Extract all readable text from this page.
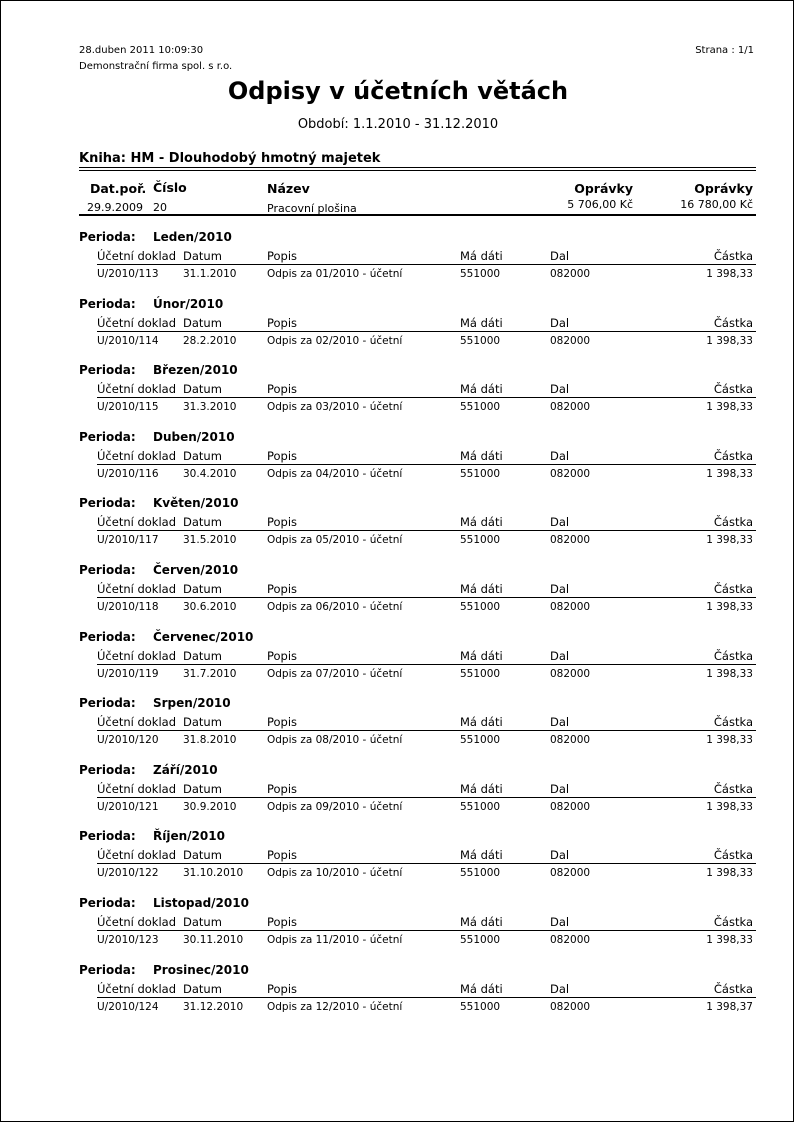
28.duben 2011 10:09:30
Demonstrační firma spol. s r.o.
Strana : 1/1
Odpisy v účetních větách
Období: 1.1.2010 - 31.12.2010
Kniha: HM - Dlouhodobý hmotný majetek
Dat.poř. Číslo	Název	Oprávky	Oprávky
29.9.2009 20	Pracovní plošina	5 706,00 Kč	16 780,00 Kč
Perioda: Leden/2010
Účetní doklad Datum	Popis	Má dáti	Dal	Částka
U/2010/113 31.1.2010	Odpis za 01/2010 - účetní	551000	082000	1 398,33
Perioda: Únor/2010
Účetní doklad Datum	Popis	Má dáti	Dal	Částka
U/2010/114 28.2.2010	Odpis za 02/2010 - účetní	551000	082000	1 398,33
Perioda: Březen/2010
Účetní doklad Datum	Popis	Má dáti	Dal	Částka
U/2010/115 31.3.2010	Odpis za 03/2010 - účetní	551000	082000	1 398,33
Perioda: Duben/2010
Účetní doklad Datum	Popis	Má dáti	Dal	Částka
U/2010/116 30.4.2010	Odpis za 04/2010 - účetní	551000	082000	1 398,33
Perioda: Květen/2010
Účetní doklad Datum	Popis	Má dáti	Dal	Částka
U/2010/117 31.5.2010	Odpis za 05/2010 - účetní	551000	082000	1 398,33
Perioda: Červen/2010
Účetní doklad Datum	Popis	Má dáti	Dal	Částka
U/2010/118 30.6.2010	Odpis za 06/2010 - účetní	551000	082000	1 398,33
Perioda: Červenec/2010
Účetní doklad Datum	Popis	Má dáti	Dal	Částka
U/2010/119 31.7.2010	Odpis za 07/2010 - účetní	551000	082000	1 398,33
Perioda: Srpen/2010
Účetní doklad Datum	Popis	Má dáti	Dal	Částka
U/2010/120 31.8.2010	Odpis za 08/2010 - účetní	551000	082000	1 398,33
Perioda: Září/2010
Účetní doklad Datum	Popis	Má dáti	Dal	Částka
U/2010/121 30.9.2010	Odpis za 09/2010 - účetní	551000	082000	1 398,33
Perioda: Říjen/2010
Účetní doklad Datum	Popis	Má dáti	Dal	Částka
U/2010/122 31.10.2010 Odpis za 10/2010 - účetní	551000	082000	1 398,33
Perioda: Listopad/2010
Účetní doklad Datum	Popis	Má dáti	Dal	Částka
U/2010/123 30.11.2010 Odpis za 11/2010 - účetní	551000	082000	1 398,33
Perioda: Prosinec/2010
Účetní doklad Datum	Popis	Má dáti	Dal	Částka
U/2010/124 31.12.2010 Odpis za 12/2010 - účetní	551000	082000	1 398,37
